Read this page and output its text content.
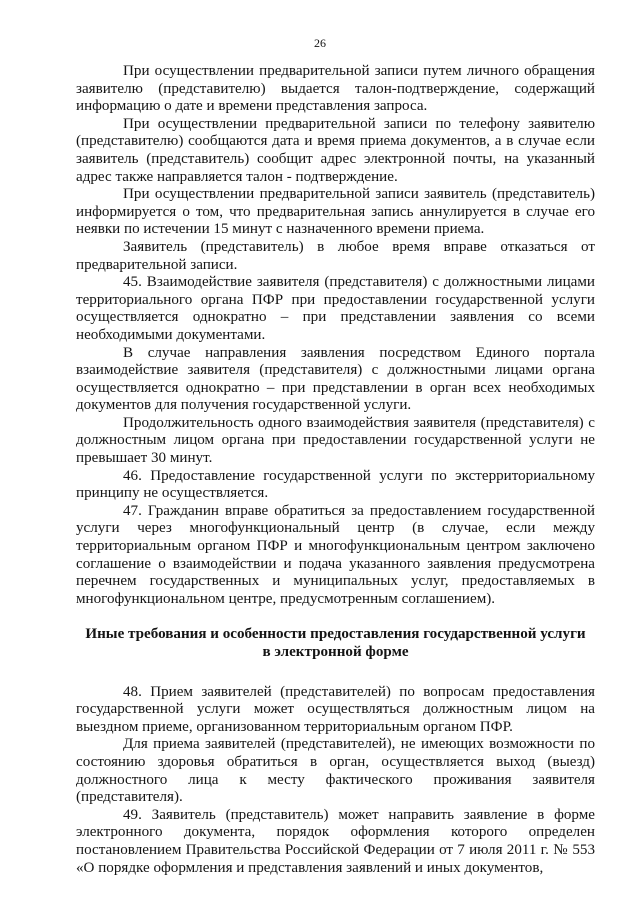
26

При осуществлении предварительной записи путем личного обращения заявителю (представителю) выдается талон-подтверждение, содержащий информацию о дате и времени представления запроса.

При осуществлении предварительной записи по телефону заявителю (представителю) сообщаются дата и время приема документов, а в случае если заявитель (представитель) сообщит адрес электронной почты, на указанный адрес также направляется талон - подтверждение.

При осуществлении предварительной записи заявитель (представитель) информируется о том, что предварительная запись аннулируется в случае его неявки по истечении 15 минут с назначенного времени приема.

Заявитель (представитель) в любое время вправе отказаться от предварительной записи.

45. Взаимодействие заявителя (представителя) с должностными лицами территориального органа ПФР при предоставлении государственной услуги осуществляется однократно – при представлении заявления со всеми необходимыми документами.

В случае направления заявления посредством Единого портала взаимодействие заявителя (представителя) с должностными лицами органа осуществляется однократно – при представлении в орган всех необходимых документов для получения государственной услуги.

Продолжительность одного взаимодействия заявителя (представителя) с должностным лицом органа при предоставлении государственной услуги не превышает 30 минут.

46. Предоставление государственной услуги по экстерриториальному принципу не осуществляется.

47. Гражданин вправе обратиться за предоставлением государственной услуги через многофункциональный центр (в случае, если между территориальным органом ПФР и многофункциональным центром заключено соглашение о взаимодействии и подача указанного заявления предусмотрена перечнем государственных и муниципальных услуг, предоставляемых в многофункциональном центре, предусмотренным соглашением).

Иные требования и особенности предоставления государственной услуги в электронной форме

48. Прием заявителей (представителей) по вопросам предоставления государственной услуги может осуществляться должностным лицом на выездном приеме, организованном территориальным органом ПФР.

Для приема заявителей (представителей), не имеющих возможности по состоянию здоровья обратиться в орган, осуществляется выход (выезд) должностного лица к месту фактического проживания заявителя (представителя).

49. Заявитель (представитель) может направить заявление в форме электронного документа, порядок оформления которого определен постановлением Правительства Российской Федерации от 7 июля 2011 г. № 553 «О порядке оформления и представления заявлений и иных документов,
